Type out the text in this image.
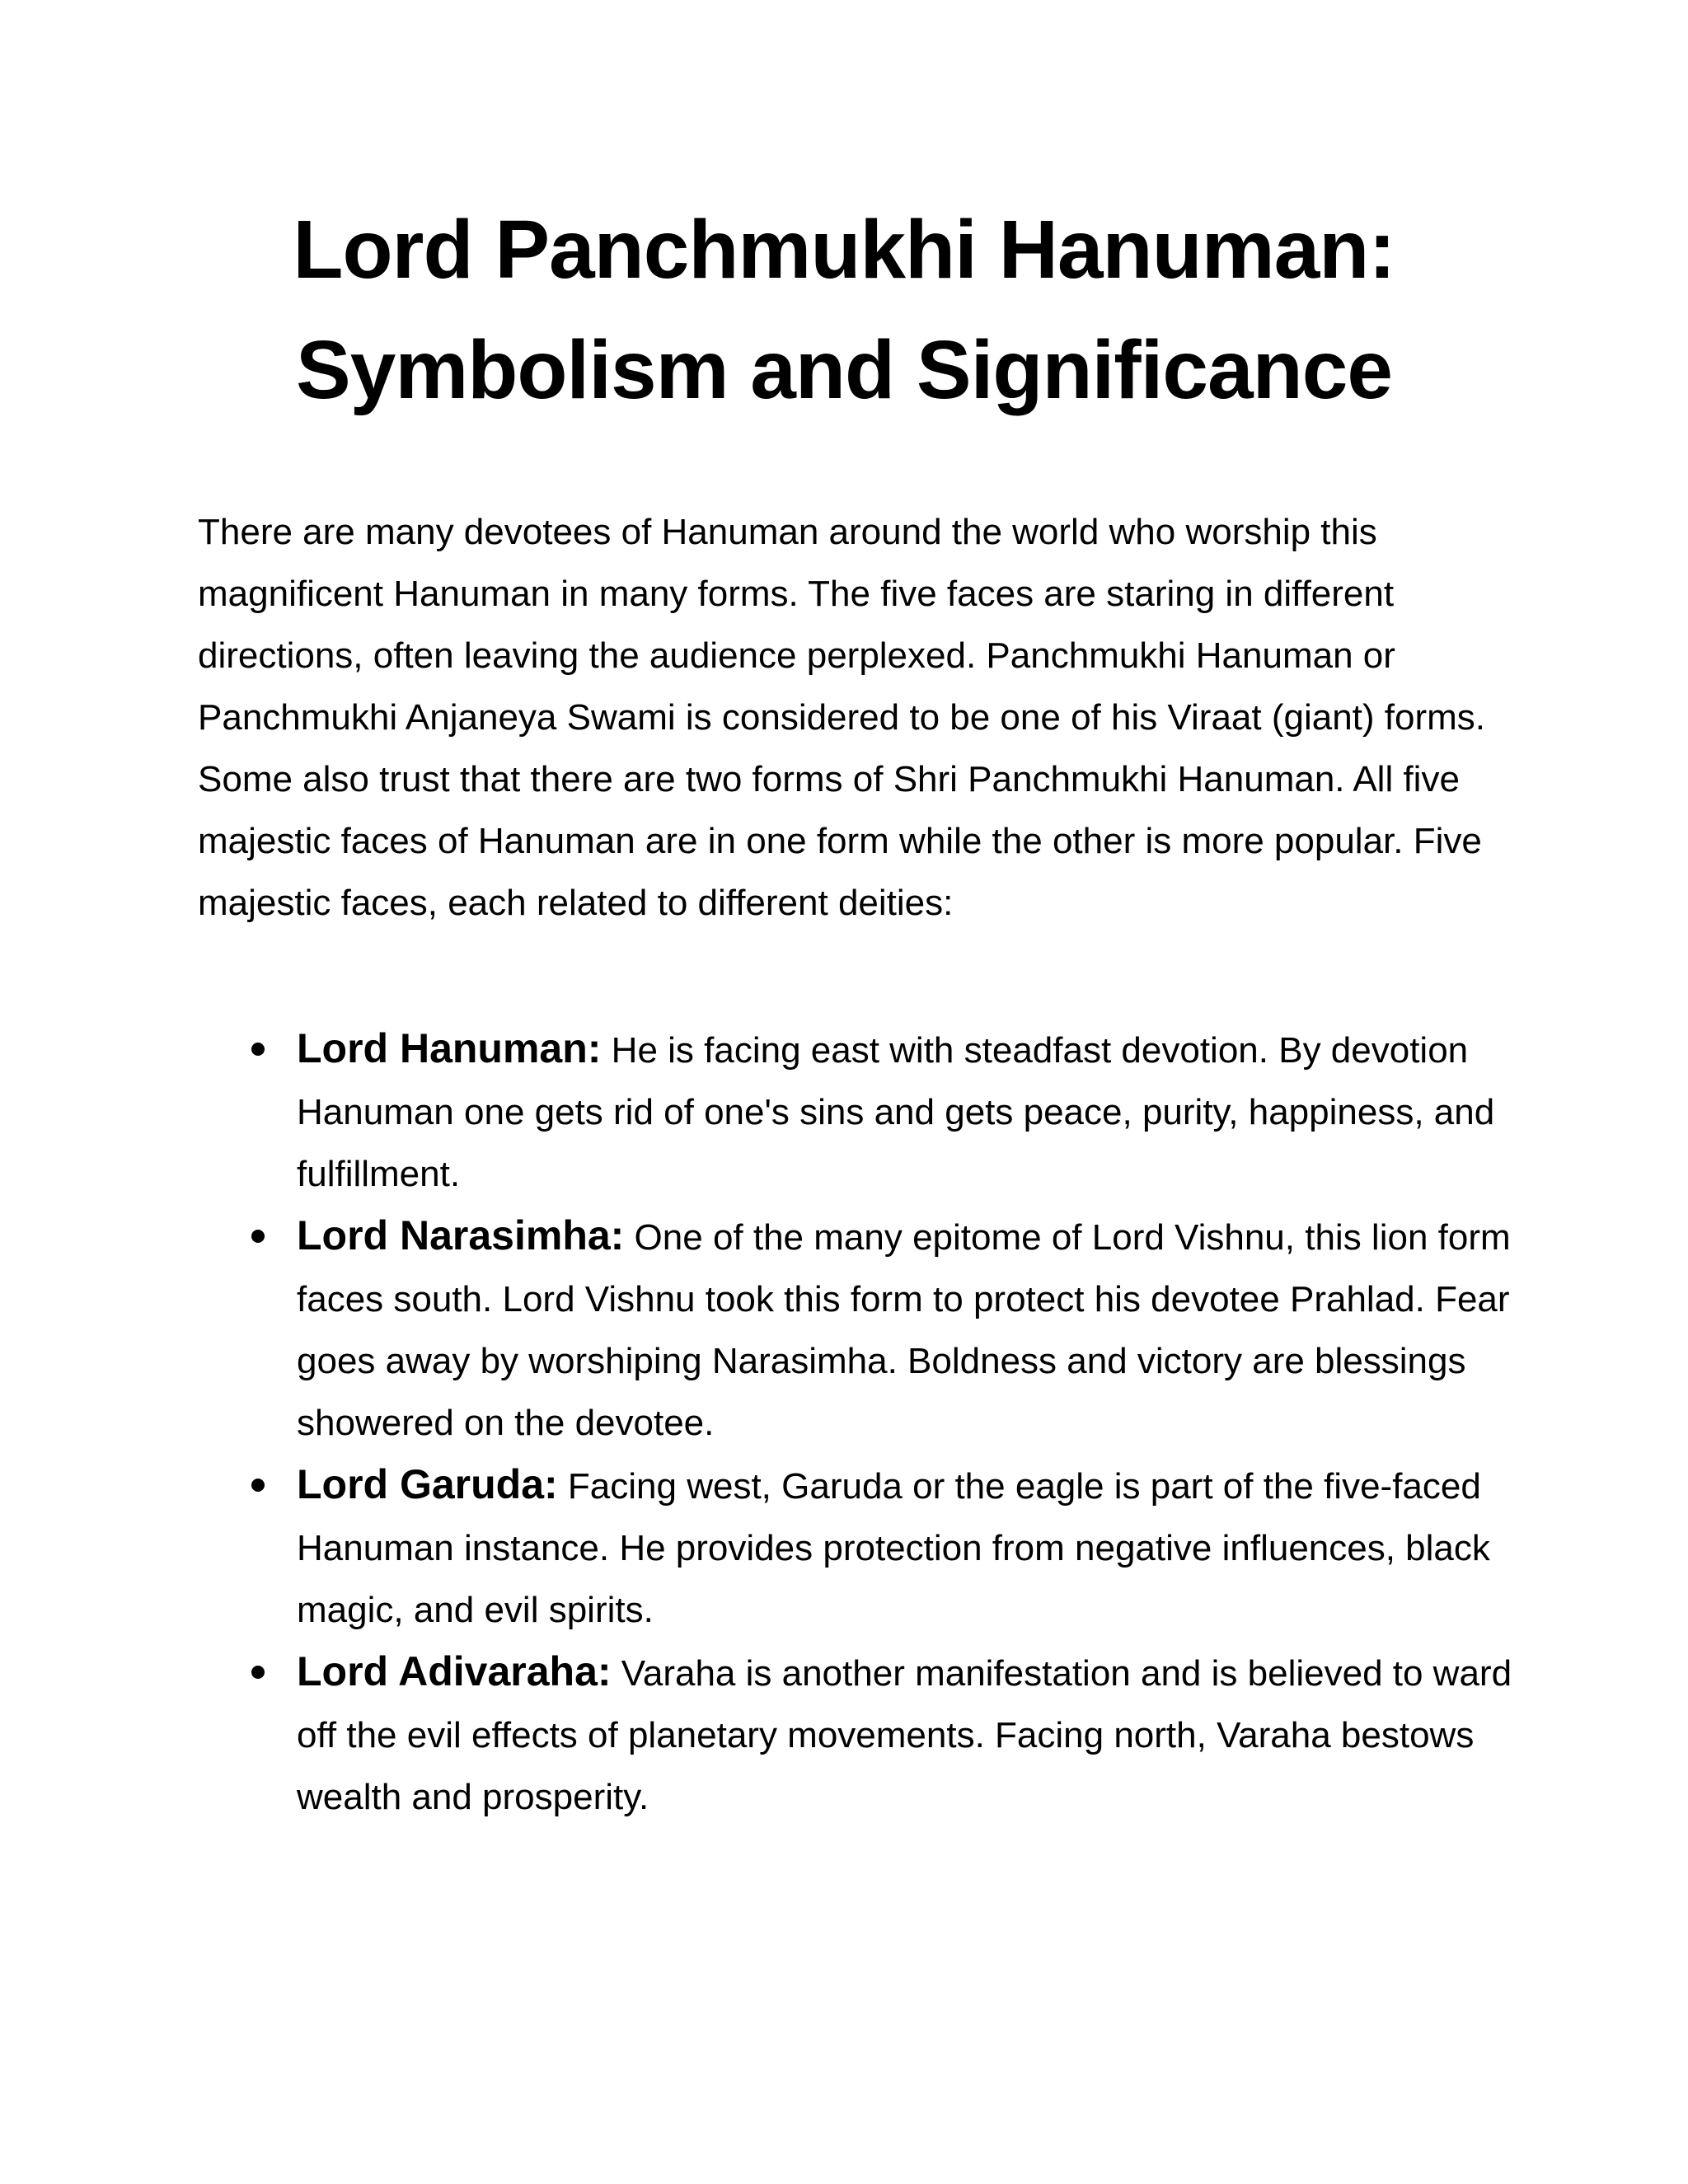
Lord Panchmukhi Hanuman:
Symbolism and Significance

There are many devotees of Hanuman around the world who worship this magnificent Hanuman in many forms. The five faces are staring in different directions, often leaving the audience perplexed. Panchmukhi Hanuman or Panchmukhi Anjaneya Swami is considered to be one of his Viraat (giant) forms. Some also trust that there are two forms of Shri Panchmukhi Hanuman. All five majestic faces of Hanuman are in one form while the other is more popular. Five majestic faces, each related to different deities:

Lord Hanuman: He is facing east with steadfast devotion. By devotion Hanuman one gets rid of one's sins and gets peace, purity, happiness, and fulfillment.
Lord Narasimha: One of the many epitome of Lord Vishnu, this lion form faces south. Lord Vishnu took this form to protect his devotee Prahlad. Fear goes away by worshiping Narasimha. Boldness and victory are blessings showered on the devotee.
Lord Garuda: Facing west, Garuda or the eagle is part of the five-faced Hanuman instance. He provides protection from negative influences, black magic, and evil spirits.
Lord Adivaraha: Varaha is another manifestation and is believed to ward off the evil effects of planetary movements. Facing north, Varaha bestows wealth and prosperity.
